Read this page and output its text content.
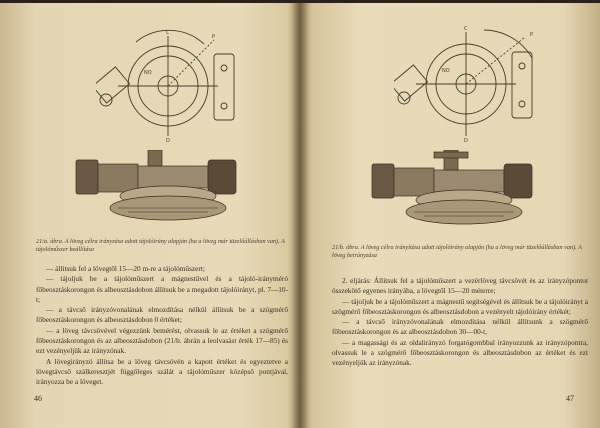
C
D
P
NO
21/a. ábra. A löveg célra irányzása adott tájolóirány alapján (ha a löveg már tüzelőállásban van). A tájolóműszer beállítása

— állítsuk fel a lövegtől 15—20 m-re a tájolóműszert;

— tájoljuk be a tájolóműszert a mágnestűvel és a tájoló-irányméró főbeosztáskorongon és albeosztásdobon állítsuk be a megadott tájolóirányt, pl. 7—10-t;

— a távcső irányzóvonalának elmozdítása nélkül állítsuk be a szögmérő főbeosztáskorongon és albeosztásdobon 0 értéket;

— a löveg távcsövével végezzünk bemérést, olvassuk le az értéket a szögmérő főbeosztáskorongon és az albeosztásdobon (21/b. ábrán a leolvasást érték 17—85) és ezt vezényeljük az irányzónak.

A lövegirányzó állítsa be a löveg távcsövén a kapott értéket és egyeztetve a lövegtávcső szálkeresztjét függőleges szálát a tájolóműszer középső pontjával, irányozza be a löveget.

46
C
D
P
NO
21/b. ábra. A löveg célra irányítása adott tájolóirány alapján (ha a löveg már tüzelőállásban van). A löveg beirányzása

2. eljárás: Állítsuk fel a tájolóműszert a vezérlöveg távcsövét és az irányzópontot összekötő egyenes irányába, a lövegtől 15—20 méterre;

— tájoljuk be a tájolóműszert a mágnestű segítségével és állítsuk be a tájolóirányt a szögmérő főbeosztáskorongon és albeosztásdobon a vezényelt tájolóirány értékét;

— a távcső irányzóvonalának elmozdítása nélkül állítsunk a szögmérő főbeosztáskorongon és az albeosztásdobon 30—00-t,

— a magassági és az oldalirányzó forgatógombbal irányozzunk az irányzópontra, olvassuk le a szögmérő főbeosztáskorongon és albeosztásdobon az értéket és ezt vezényeljük az irányzónak.

47
